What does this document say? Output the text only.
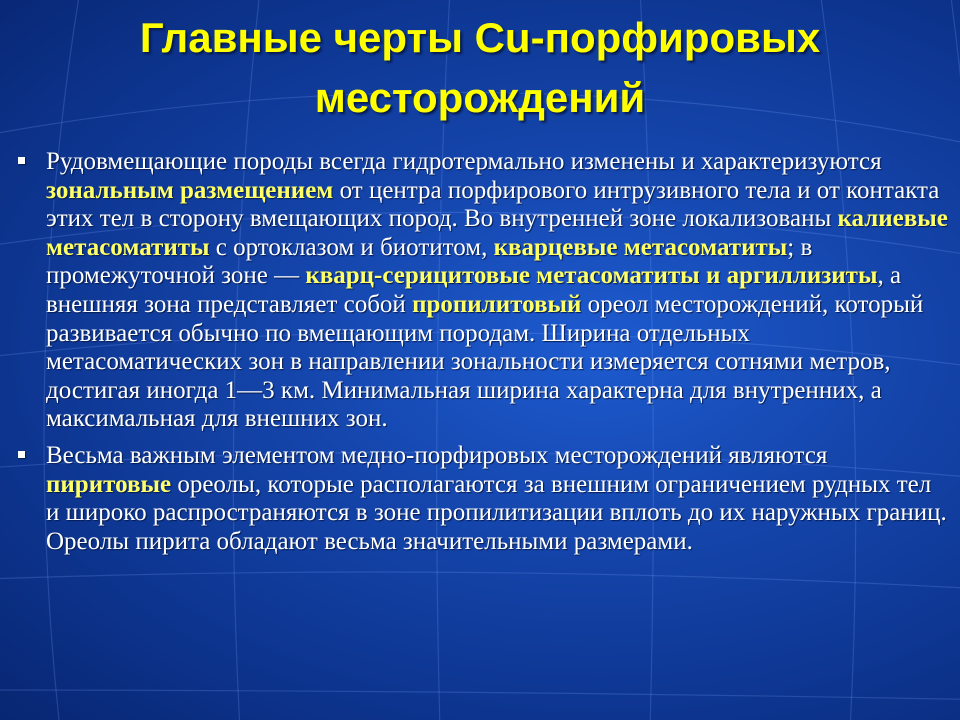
Главные черты Cu-порфировых
месторождений

Рудовмещающие породы всегда гидротермально изменены и характеризуются зональным размещением от центра порфирового интрузивного тела и от контакта этих тел в сторону вмещающих пород. Во внутренней зоне локализованы калиевые метасоматиты с ортоклазом и биотитом, кварцевые метасоматиты; в промежуточной зоне — кварц-серицитовые метасоматиты и аргиллизиты, а внешняя зона представляет собой пропилитовый ореол месторождений, который развивается обычно по вмещающим породам. Ширина отдельных метасоматических зон в направлении зональности измеряется сотнями метров, достигая иногда 1—3 км. Минимальная ширина характерна для внутренних, а максимальная для внешних зон.

Весьма важным элементом медно-порфировых месторождений являются пиритовые ореолы, которые располагаются за внешним ограничением рудных тел и широко распространяются в зоне пропилитизации вплоть до их наружных границ. Ореолы пирита обладают весьма значительными размерами.
